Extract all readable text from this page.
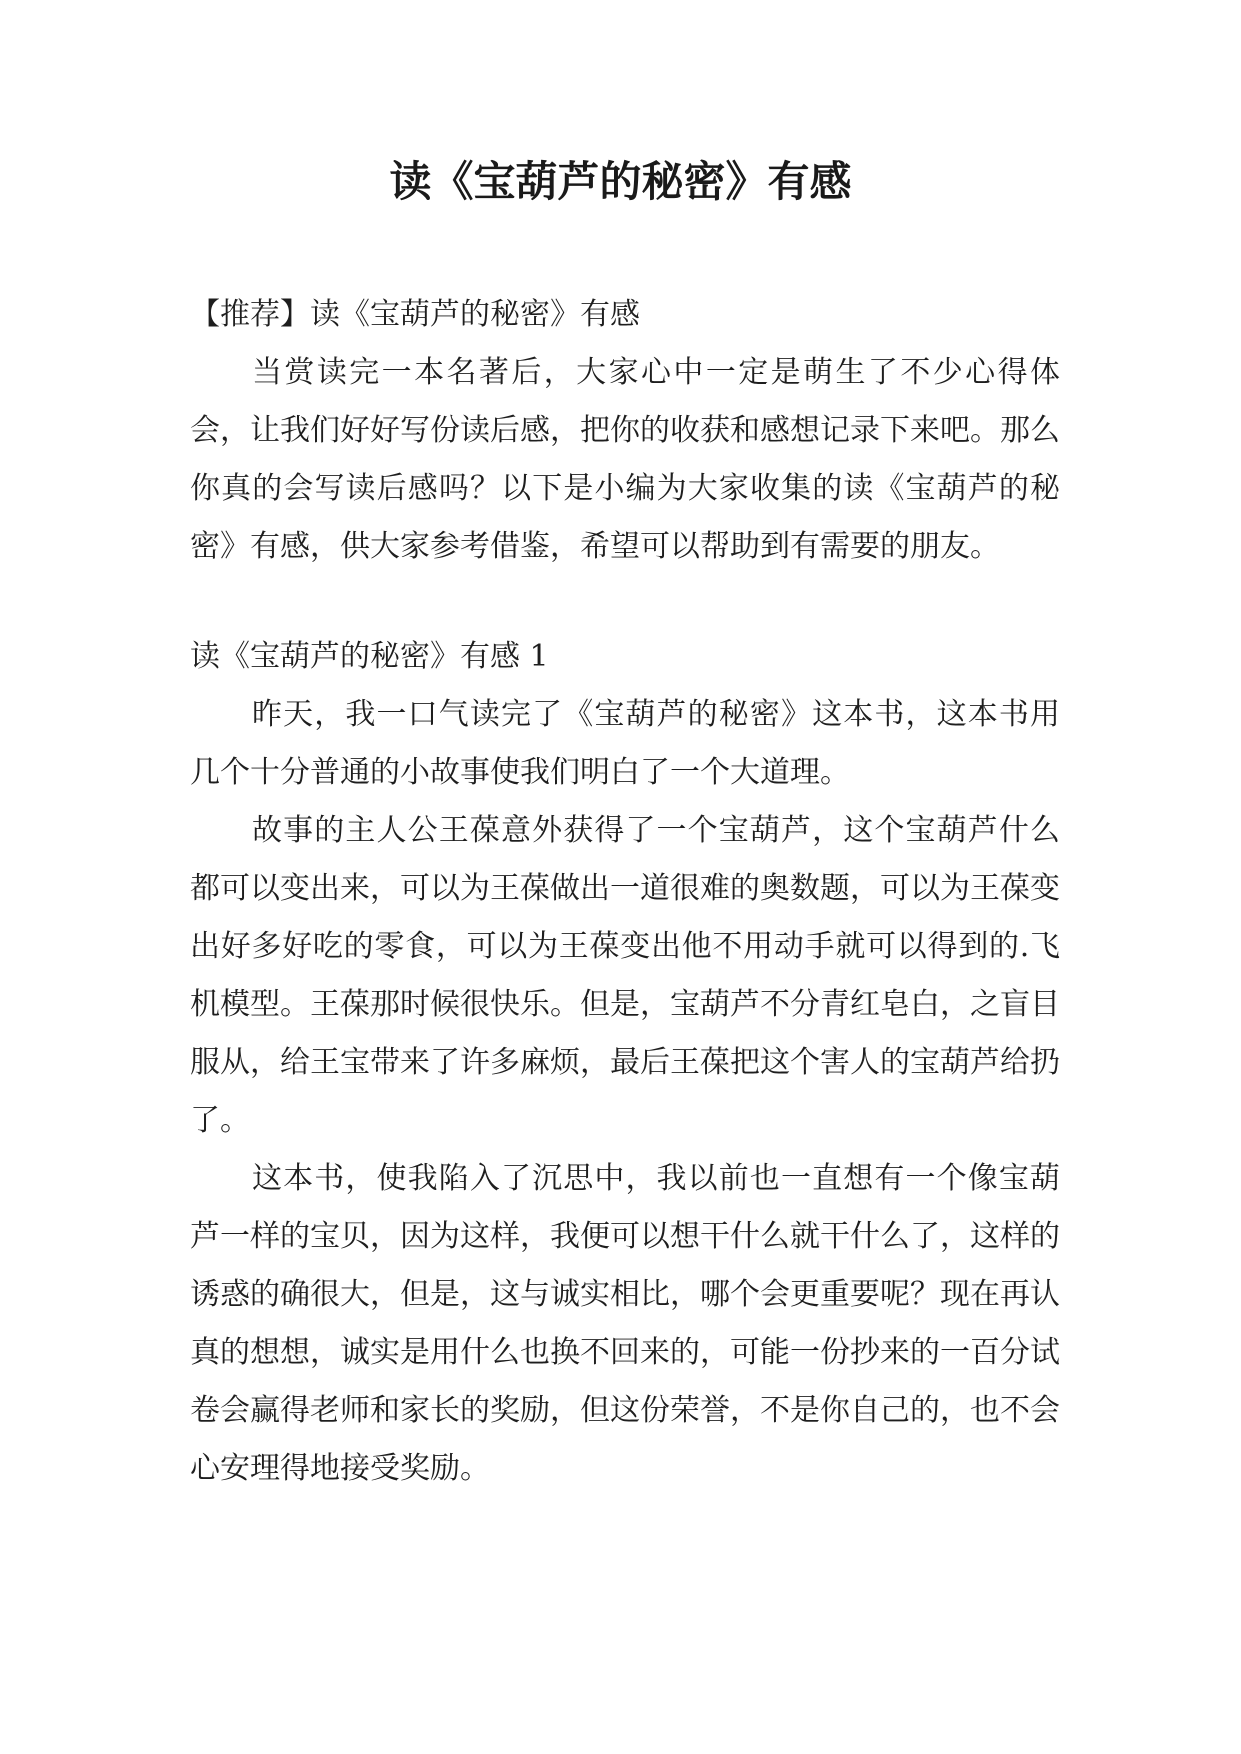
读《宝葫芦的秘密》有感

【推荐】读《宝葫芦的秘密》有感

当赏读完一本名著后，大家心中一定是萌生了不少心得体会，让我们好好写份读后感，把你的收获和感想记录下来吧。那么你真的会写读后感吗？以下是小编为大家收集的读《宝葫芦的秘密》有感，供大家参考借鉴，希望可以帮助到有需要的朋友。

读《宝葫芦的秘密》有感 1

昨天，我一口气读完了《宝葫芦的秘密》这本书，这本书用几个十分普通的小故事使我们明白了一个大道理。

故事的主人公王葆意外获得了一个宝葫芦，这个宝葫芦什么都可以变出来，可以为王葆做出一道很难的奥数题，可以为王葆变出好多好吃的零食，可以为王葆变出他不用动手就可以得到的.飞机模型。王葆那时候很快乐。但是，宝葫芦不分青红皂白，之盲目服从，给王宝带来了许多麻烦，最后王葆把这个害人的宝葫芦给扔了。

这本书，使我陷入了沉思中，我以前也一直想有一个像宝葫芦一样的宝贝，因为这样，我便可以想干什么就干什么了，这样的诱惑的确很大，但是，这与诚实相比，哪个会更重要呢？现在再认真的想想，诚实是用什么也换不回来的，可能一份抄来的一百分试卷会赢得老师和家长的奖励，但这份荣誉，不是你自己的，也不会心安理得地接受奖励。
